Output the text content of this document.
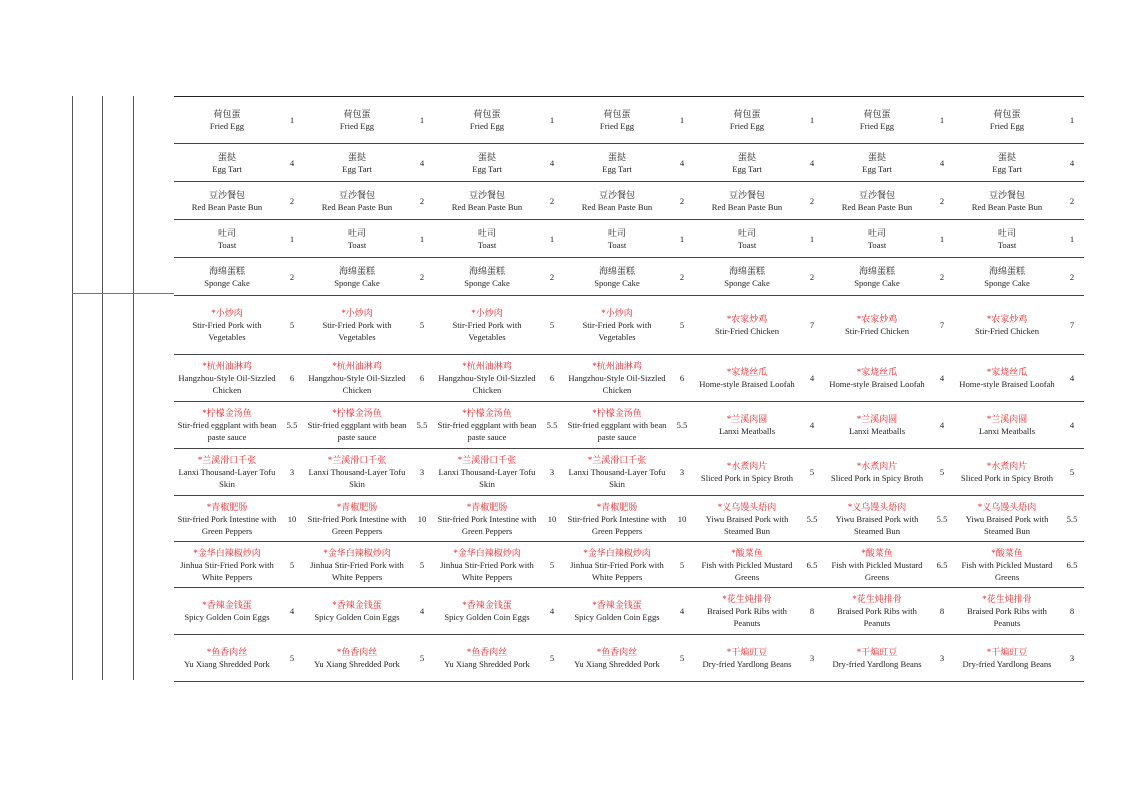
荷包蛋
Fried Egg	1	荷包蛋
Fried Egg	1	荷包蛋
Fried Egg	1	荷包蛋
Fried Egg	1	荷包蛋
Fried Egg	1	荷包蛋
Fried Egg	1	荷包蛋
Fried Egg	1

蛋挞
Egg Tart	4	蛋挞
Egg Tart	4	蛋挞
Egg Tart	4	蛋挞
Egg Tart	4	蛋挞
Egg Tart	4	蛋挞
Egg Tart	4	蛋挞
Egg Tart	4

豆沙餐包
Red Bean Paste Bun	2	豆沙餐包
Red Bean Paste Bun	2	豆沙餐包
Red Bean Paste Bun	2	豆沙餐包
Red Bean Paste Bun	2	豆沙餐包
Red Bean Paste Bun	2	豆沙餐包
Red Bean Paste Bun	2	豆沙餐包
Red Bean Paste Bun	2

吐司
Toast	1	吐司
Toast	1	吐司
Toast	1	吐司
Toast	1	吐司
Toast	1	吐司
Toast	1	吐司
Toast	1

海绵蛋糕
Sponge Cake	2	海绵蛋糕
Sponge Cake	2	海绵蛋糕
Sponge Cake	2	海绵蛋糕
Sponge Cake	2	海绵蛋糕
Sponge Cake	2	海绵蛋糕
Sponge Cake	2	海绵蛋糕
Sponge Cake	2

*小炒肉
Stir-Fried Pork with Vegetables	5	*小炒肉
Stir-Fried Pork with Vegetables	5	*小炒肉
Stir-Fried Pork with Vegetables	5	*小炒肉
Stir-Fried Pork with Vegetables	5	*农家炒鸡
Stir-Fried Chicken	7	*农家炒鸡
Stir-Fried Chicken	7	*农家炒鸡
Stir-Fried Chicken	7

*杭州油淋鸡
Hangzhou-Style Oil-Sizzled Chicken	6	*杭州油淋鸡
Hangzhou-Style Oil-Sizzled Chicken	6	*杭州油淋鸡
Hangzhou-Style Oil-Sizzled Chicken	6	*杭州油淋鸡
Hangzhou-Style Oil-Sizzled Chicken	6	*家烧丝瓜
Home-style Braised Loofah	4	*家烧丝瓜
Home-style Braised Loofah	4	*家烧丝瓜
Home-style Braised Loofah	4

*柠檬金汤鱼
Stir-fried eggplant with bean paste sauce	5.5	*柠檬金汤鱼
Stir-fried eggplant with bean paste sauce	5.5	*柠檬金汤鱼
Stir-fried eggplant with bean paste sauce	5.5	*柠檬金汤鱼
Stir-fried eggplant with bean paste sauce	5.5	*兰溪肉圆
Lanxi Meatballs	4	*兰溪肉圆
Lanxi Meatballs	4	*兰溪肉圆
Lanxi Meatballs	4

*兰溪滑口千张
Lanxi Thousand-Layer Tofu Skin	3	*兰溪滑口千张
Lanxi Thousand-Layer Tofu Skin	3	*兰溪滑口千张
Lanxi Thousand-Layer Tofu Skin	3	*兰溪滑口千张
Lanxi Thousand-Layer Tofu Skin	3	*水煮肉片
Sliced Pork in Spicy Broth	5	*水煮肉片
Sliced Pork in Spicy Broth	5	*水煮肉片
Sliced Pork in Spicy Broth	5

*青椒肥肠
Stir-fried Pork Intestine with Green Peppers	10	*青椒肥肠
Stir-fried Pork Intestine with Green Peppers	10	*青椒肥肠
Stir-fried Pork Intestine with Green Peppers	10	*青椒肥肠
Stir-fried Pork Intestine with Green Peppers	10	*义乌馒头焐肉
Yiwu Braised Pork with Steamed Bun	5.5	*义乌馒头焐肉
Yiwu Braised Pork with Steamed Bun	5.5	*义乌馒头焐肉
Yiwu Braised Pork with Steamed Bun	5.5

*金华白辣椒炒肉
Jinhua Stir-Fried Pork with White Peppers	5	*金华白辣椒炒肉
Jinhua Stir-Fried Pork with White Peppers	5	*金华白辣椒炒肉
Jinhua Stir-Fried Pork with White Peppers	5	*金华白辣椒炒肉
Jinhua Stir-Fried Pork with White Peppers	5	*酸菜鱼
Fish with Pickled Mustard Greens	6.5	*酸菜鱼
Fish with Pickled Mustard Greens	6.5	*酸菜鱼
Fish with Pickled Mustard Greens	6.5

*香辣金钱蛋
Spicy Golden Coin Eggs	4	*香辣金钱蛋
Spicy Golden Coin Eggs	4	*香辣金钱蛋
Spicy Golden Coin Eggs	4	*香辣金钱蛋
Spicy Golden Coin Eggs	4	*花生炖排骨
Braised Pork Ribs with Peanuts	8	*花生炖排骨
Braised Pork Ribs with Peanuts	8	*花生炖排骨
Braised Pork Ribs with Peanuts	8

*鱼香肉丝
Yu Xiang Shredded Pork	5	*鱼香肉丝
Yu Xiang Shredded Pork	5	*鱼香肉丝
Yu Xiang Shredded Pork	5	*鱼香肉丝
Yu Xiang Shredded Pork	5	*干煸豇豆
Dry-fried Yardlong Beans	3	*干煸豇豆
Dry-fried Yardlong Beans	3	*干煸豇豆
Dry-fried Yardlong Beans	3
